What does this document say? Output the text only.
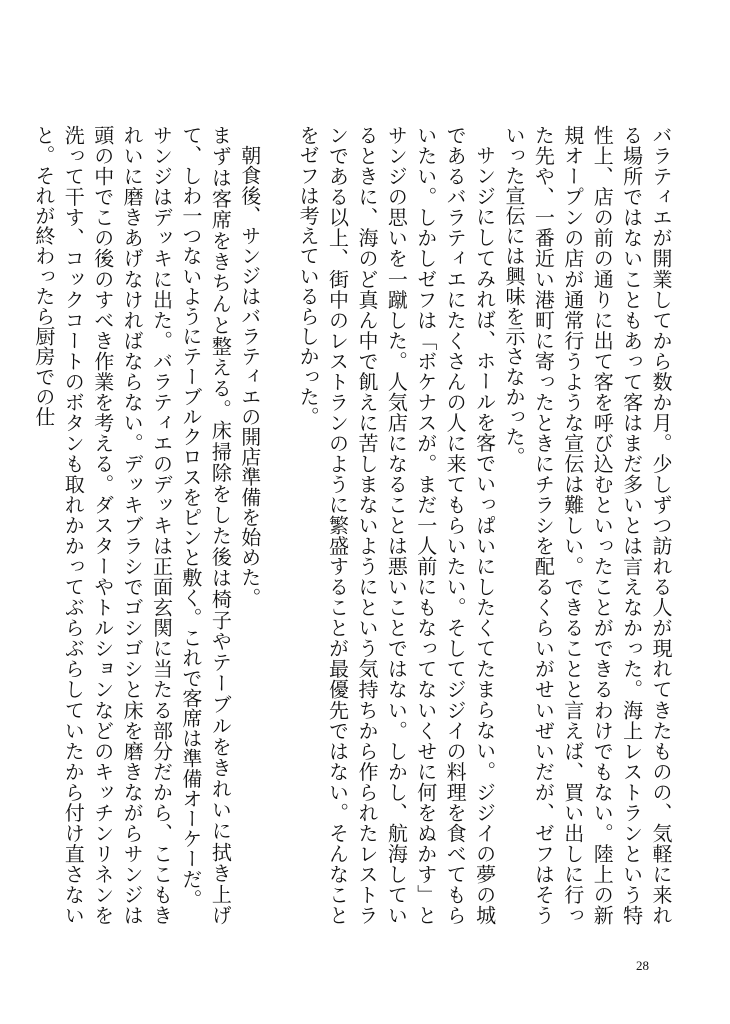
バラティエが開業してから数か月。少しずつ訪れる人が現れてきたものの、気軽に来れる場所ではないこともあって客はまだ多いとは言えなかった。海上レストランという特性上、店の前の通りに出て客を呼び込むといったことができるわけでもない。陸上の新規オープンの店が通常行うような宣伝は難しい。できることと言えば、買い出しに行った先や、一番近い港町に寄ったときにチラシを配るくらいがせいぜいだが、ゼフはそういった宣伝には興味を示さなかった。

サンジにしてみれば、ホールを客でいっぱいにしたくてたまらない。ジジイの夢の城であるバラティエにたくさんの人に来てもらいたい。そしてジジイの料理を食べてもらいたい。しかしゼフは「ボケナスが。まだ一人前にもなってないくせに何をぬかす」とサンジの思いを一蹴した。人気店になることは悪いことではない。しかし、航海しているときに、海のど真ん中で飢えに苦しまないようにという気持ちから作られたレストランである以上、街中のレストランのように繁盛することが最優先ではない。そんなことをゼフは考えているらしかった。

朝食後、サンジはバラティエの開店準備を始めた。

まずは客席をきちんと整える。床掃除をした後は椅子やテーブルをきれいに拭き上げて、しわ一つないようにテーブルクロスをピンと敷く。これで客席は準備オーケーだ。

サンジはデッキに出た。バラティエのデッキは正面玄関に当たる部分だから、ここもきれいに磨きあげなければならない。デッキブラシでゴシゴシと床を磨きながらサンジは頭の中でこの後のすべき作業を考える。ダスターやトルションなどのキッチンリネンを洗って干す、コックコートのボタンも取れかかってぶらぶらしていたから付け直さないと。それが終わったら厨房での仕

28
